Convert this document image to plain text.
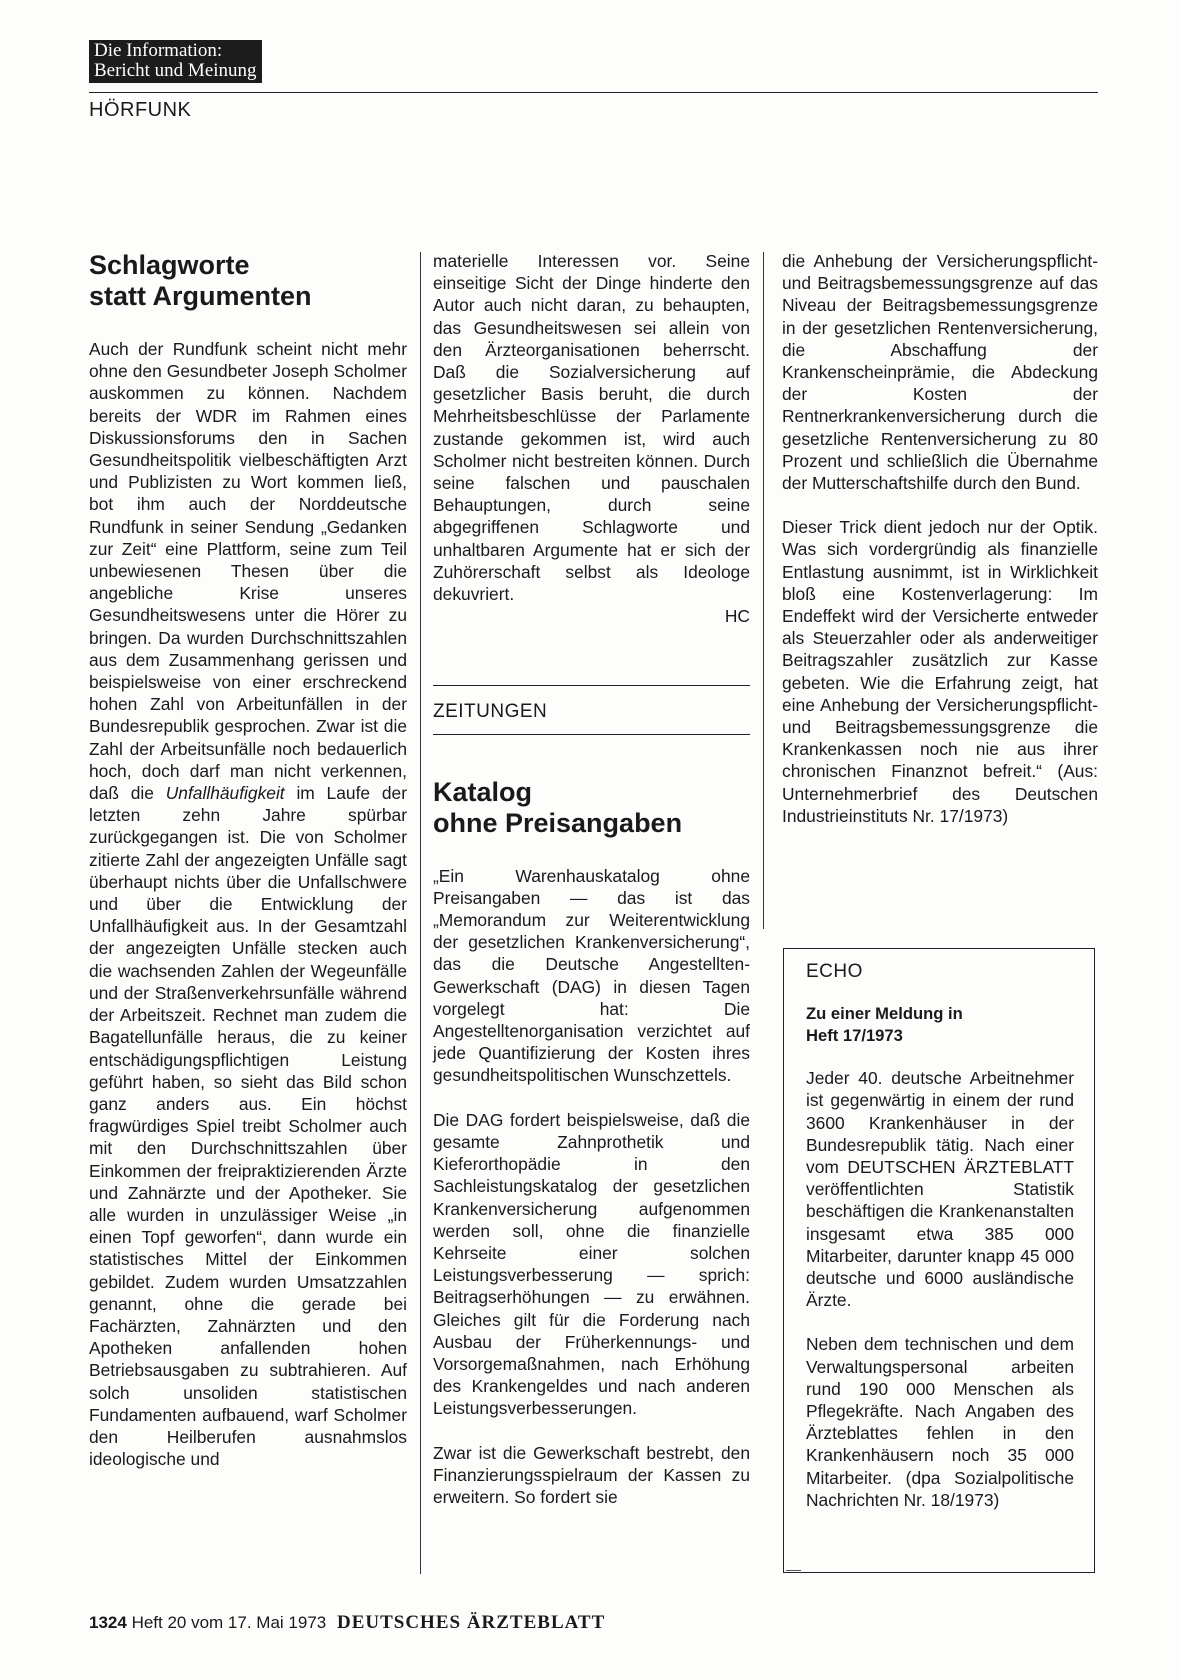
Die Information:
Bericht und Meinung
HÖRFUNK
Schlagworte
statt Argumenten

Auch der Rundfunk scheint nicht mehr ohne den Gesundbeter Joseph Scholmer auskommen zu können. Nachdem bereits der WDR im Rahmen eines Diskussionsforums den in Sachen Gesundheitspolitik vielbeschäftigten Arzt und Publizisten zu Wort kommen ließ, bot ihm auch der Norddeutsche Rundfunk in seiner Sendung „Gedanken zur Zeit“ eine Plattform, seine zum Teil unbewiesenen Thesen über die angebliche Krise unseres Gesundheitswesens unter die Hörer zu bringen. Da wurden Durchschnittszahlen aus dem Zusammenhang gerissen und beispielsweise von einer erschreckend hohen Zahl von Arbeitunfällen in der Bundesrepublik gesprochen. Zwar ist die Zahl der Arbeitsunfälle noch bedauerlich hoch, doch darf man nicht verkennen, daß die Unfallhäufigkeit im Laufe der letzten zehn Jahre spürbar zurückgegangen ist. Die von Scholmer zitierte Zahl der angezeigten Unfälle sagt überhaupt nichts über die Unfallschwere und über die Entwicklung der Unfallhäufigkeit aus. In der Gesamtzahl der angezeigten Unfälle stecken auch die wachsenden Zahlen der Wegeunfälle und der Straßenverkehrsunfälle während der Arbeitszeit. Rechnet man zudem die Bagatellunfälle heraus, die zu keiner entschädigungspflichtigen Leistung geführt haben, so sieht das Bild schon ganz anders aus. Ein höchst fragwürdiges Spiel treibt Scholmer auch mit den Durchschnittszahlen über Einkommen der freipraktizierenden Ärzte und Zahnärzte und der Apotheker. Sie alle wurden in unzulässiger Weise „in einen Topf geworfen“, dann wurde ein statistisches Mittel der Einkommen gebildet. Zudem wurden Umsatzzahlen genannt, ohne die gerade bei Fachärzten, Zahnärzten und den Apotheken anfallenden hohen Betriebsausgaben zu subtrahieren. Auf solch unsoliden statistischen Fundamenten aufbauend, warf Scholmer den Heilberufen ausnahmslos ideologische und

materielle Interessen vor. Seine einseitige Sicht der Dinge hinderte den Autor auch nicht daran, zu behaupten, das Gesundheitswesen sei allein von den Ärzteorganisationen beherrscht. Daß die Sozialversicherung auf gesetzlicher Basis beruht, die durch Mehrheitsbeschlüsse der Parlamente zustande gekommen ist, wird auch Scholmer nicht bestreiten können. Durch seine falschen und pauschalen Behauptungen, durch seine abgegriffenen Schlagworte und unhaltbaren Argumente hat er sich der Zuhörerschaft selbst als Ideologe dekuvriert.

HC
ZEITUNGEN
Katalog
ohne Preisangaben

„Ein Warenhauskatalog ohne Preisangaben — das ist das „Memorandum zur Weiterentwicklung der gesetzlichen Krankenversicherung“, das die Deutsche Angestellten-Gewerkschaft (DAG) in diesen Tagen vorgelegt hat: Die Angestelltenorganisation verzichtet auf jede Quantifizierung der Kosten ihres gesundheitspolitischen Wunschzettels.

Die DAG fordert beispielsweise, daß die gesamte Zahnprothetik und Kieferorthopädie in den Sachleistungskatalog der gesetzlichen Krankenversicherung aufgenommen werden soll, ohne die finanzielle Kehrseite einer solchen Leistungsverbesserung — sprich: Beitragserhöhungen — zu erwähnen. Gleiches gilt für die Forderung nach Ausbau der Früherkennungs- und Vorsorgemaßnahmen, nach Erhöhung des Krankengeldes und nach anderen Leistungsverbesserungen.

Zwar ist die Gewerkschaft bestrebt, den Finanzierungsspielraum der Kassen zu erweitern. So fordert sie

die Anhebung der Versicherungspflicht- und Beitragsbemessungsgrenze auf das Niveau der Beitragsbemessungsgrenze in der gesetzlichen Rentenversicherung, die Abschaffung der Krankenscheinprämie, die Abdeckung der Kosten der Rentnerkrankenversicherung durch die gesetzliche Rentenversicherung zu 80 Prozent und schließlich die Übernahme der Mutterschaftshilfe durch den Bund.

Dieser Trick dient jedoch nur der Optik. Was sich vordergründig als finanzielle Entlastung ausnimmt, ist in Wirklichkeit bloß eine Kostenverlagerung: Im Endeffekt wird der Versicherte entweder als Steuerzahler oder als anderweitiger Beitragszahler zusätzlich zur Kasse gebeten. Wie die Erfahrung zeigt, hat eine Anhebung der Versicherungspflicht- und Beitragsbemessungsgrenze die Krankenkassen noch nie aus ihrer chronischen Finanznot befreit.“ (Aus: Unternehmerbrief des Deutschen Industrieinstituts Nr. 17/1973)

ECHO
Zu einer Meldung in
Heft 17/1973

Jeder 40. deutsche Arbeitnehmer ist gegenwärtig in einem der rund 3600 Krankenhäuser in der Bundesrepublik tätig. Nach einer vom DEUTSCHEN ÄRZTEBLATT veröffentlichten Statistik beschäftigen die Krankenanstalten insgesamt etwa 385 000 Mitarbeiter, darunter knapp 45 000 deutsche und 6000 ausländische Ärzte.

Neben dem technischen und dem Verwaltungspersonal arbeiten rund 190 000 Menschen als Pflegekräfte. Nach Angaben des Ärzteblattes fehlen in den Krankenhäusern noch 35 000 Mitarbeiter. (dpa Sozialpolitische Nachrichten Nr. 18/1973)

1324 Heft 20 vom 17. Mai 1973 DEUTSCHES ÄRZTEBLATT
